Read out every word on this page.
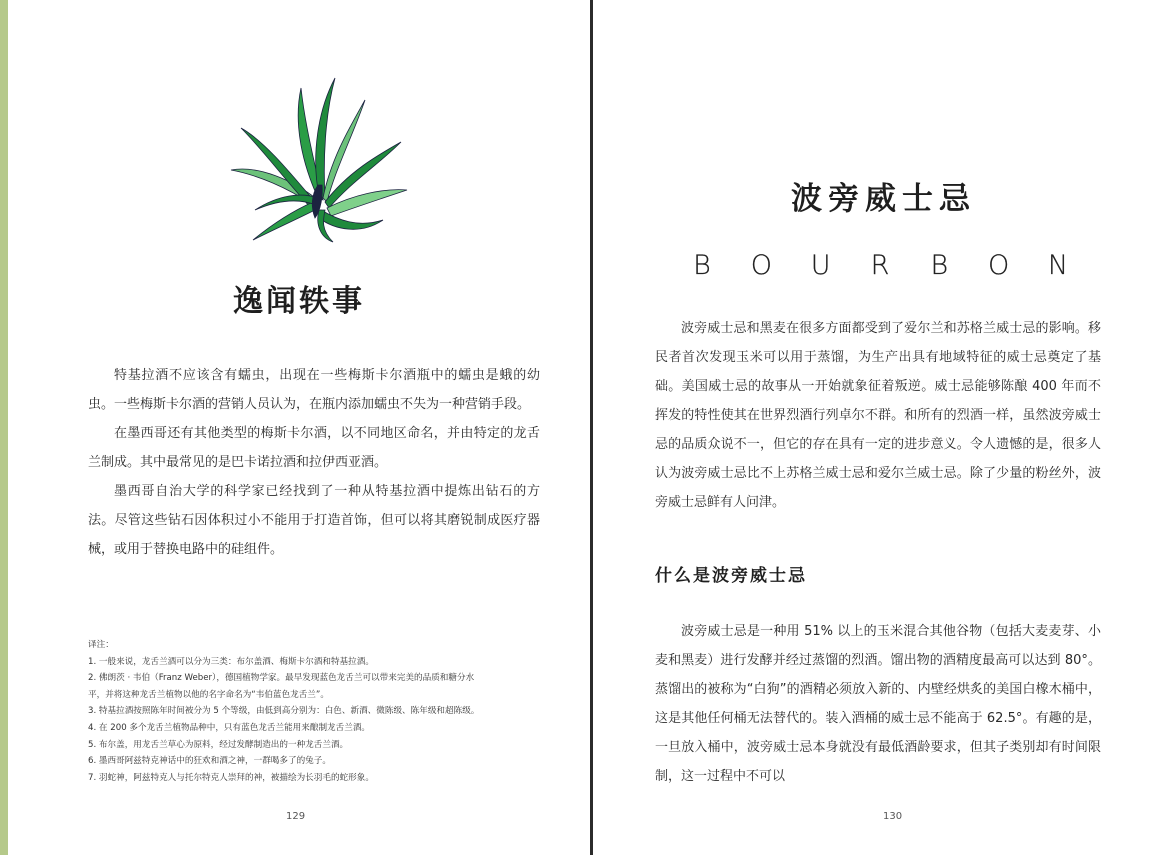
逸闻轶事

特基拉酒不应该含有蠕虫，出现在一些梅斯卡尔酒瓶中的蠕虫是蛾的幼虫。一些梅斯卡尔酒的营销人员认为，在瓶内添加蠕虫不失为一种营销手段。

在墨西哥还有其他类型的梅斯卡尔酒，以不同地区命名，并由特定的龙舌兰制成。其中最常见的是巴卡诺拉酒和拉伊西亚酒。

墨西哥自治大学的科学家已经找到了一种从特基拉酒中提炼出钻石的方法。尽管这些钻石因体积过小不能用于打造首饰，但可以将其磨锐制成医疗器械，或用于替换电路中的硅组件。

译注：
1. 一般来说，龙舌兰酒可以分为三类：布尔盖酒、梅斯卡尔酒和特基拉酒。
2. 佛朗茨 · 韦伯（Franz Weber），德国植物学家。最早发现蓝色龙舌兰可以带来完美的品质和糖分水
平，并将这种龙舌兰植物以他的名字命名为“韦伯蓝色龙舌兰”。
3. 特基拉酒按照陈年时间被分为 5 个等级，由低到高分别为：白色、新酒、微陈级、陈年级和超陈级。
4. 在 200 多个龙舌兰植物品种中，只有蓝色龙舌兰能用来酿制龙舌兰酒。
5. 布尔盖，用龙舌兰草心为原料，经过发酵制造出的一种龙舌兰酒。
6. 墨西哥阿兹特克神话中的狂欢和酒之神，一群喝多了的兔子。
7. 羽蛇神，阿兹特克人与托尔特克人崇拜的神，被描绘为长羽毛的蛇形象。
129
波旁威士忌
B	O U R	B	O N

波旁威士忌和黑麦在很多方面都受到了爱尔兰和苏格兰威士忌的影响。移民者首次发现玉米可以用于蒸馏，为生产出具有地域特征的威士忌奠定了基础。美国威士忌的故事从一开始就象征着叛逆。威士忌能够陈酿 400 年而不挥发的特性使其在世界烈酒行列卓尔不群。和所有的烈酒一样，虽然波旁威士忌的品质众说不一，但它的存在具有一定的进步意义。令人遗憾的是，很多人认为波旁威士忌比不上苏格兰威士忌和爱尔兰威士忌。除了少量的粉丝外，波旁威士忌鲜有人问津。

什么是波旁威士忌

波旁威士忌是一种用 51% 以上的玉米混合其他谷物（包括大麦麦芽、小麦和黑麦）进行发酵并经过蒸馏的烈酒。馏出物的酒精度最高可以达到 80°。蒸馏出的被称为“白狗”的酒精必须放入新的、内壁经烘炙的美国白橡木桶中，这是其他任何桶无法替代的。装入酒桶的威士忌不能高于 62.5°。有趣的是，一旦放入桶中，波旁威士忌本身就没有最低酒龄要求，但其子类别却有时间限制，这一过程中不可以

130
